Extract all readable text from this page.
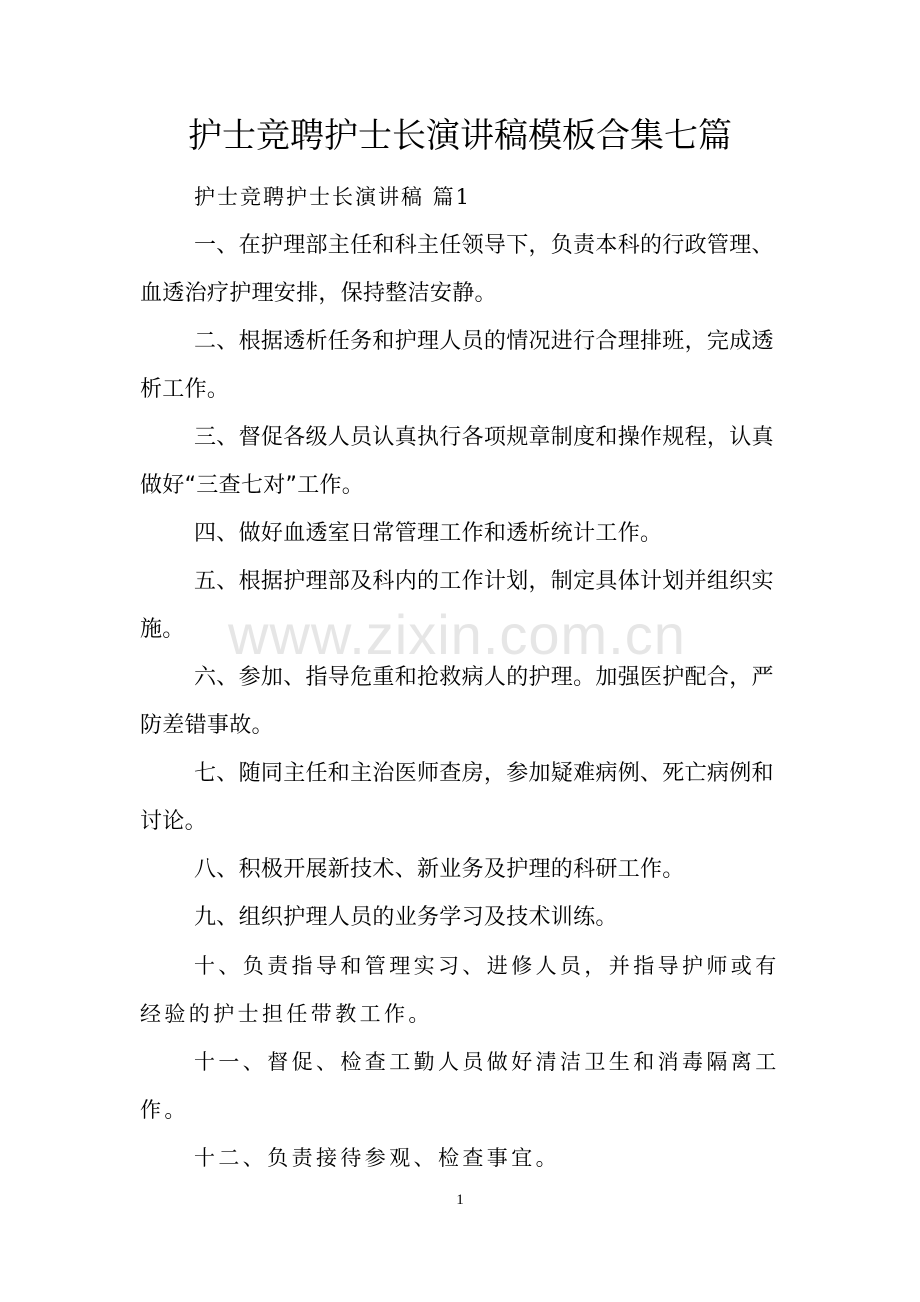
护士竞聘护士长演讲稿模板合集七篇
护士竞聘护士长演讲稿 篇1

一、在护理部主任和科主任领导下，负责本科的行政管理、血透治疗护理安排，保持整洁安静。

二、根据透析任务和护理人员的情况进行合理排班，完成透析工作。

三、督促各级人员认真执行各项规章制度和操作规程，认真做好“三查七对”工作。

四、做好血透室日常管理工作和透析统计工作。

五、根据护理部及科内的工作计划，制定具体计划并组织实施。

六、参加、指导危重和抢救病人的护理。加强医护配合，严防差错事故。

七、随同主任和主治医师查房，参加疑难病例、死亡病例和讨论。

八、积极开展新技术、新业务及护理的科研工作。

九、组织护理人员的业务学习及技术训练。

十、负责指导和管理实习、进修人员，并指导护师或有经验的护士担任带教工作。

十一、督促、检查工勤人员做好清洁卫生和消毒隔离工作。

十二、负责接待参观、检查事宜。

www.zixin.com.cn
1
